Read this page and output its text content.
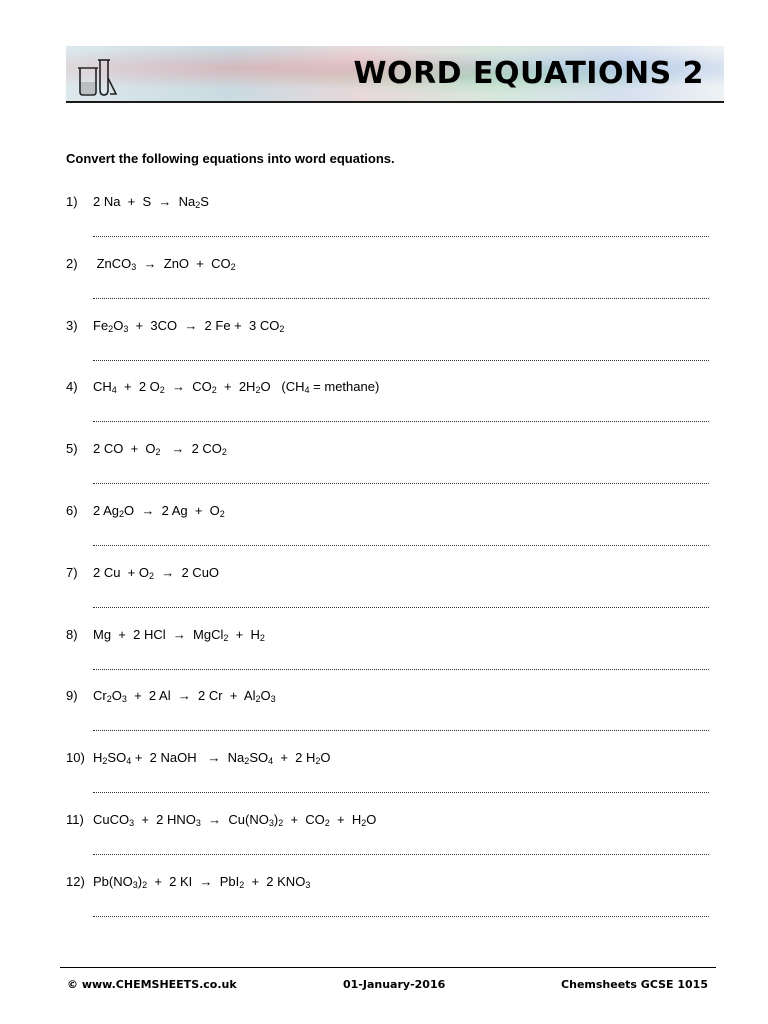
WORD EQUATIONS 2
Convert the following equations into word equations.
1) 2 $Na + S \to Na_2S$
2) ZnCO$_3$  →  ZnO  +  $CO_2$
3) $Fe_2O_3 + 3CO \to 2$ Fe +  3 $CO_2$
4) $CH_4 + 2$ $O_2 \to CO_2 + 2H_2O$   ($CH_4$ = methane)
5) 2 CO  +  $O_2 \to 2$ $CO_2$
6) 2 $Ag_2O \to 2$ $Ag + O_2$
7) 2 $Cu + O_2 \to 2$ CuO
8) Mg  +  2 HCl  →  MgCl$_2$  +  $H_2$
9) $Cr_2O_3 + 2$ Al  →  2 $Cr + Al_2O_3$
10) $H_2SO_4 + 2$ NaOH   →  $Na_2SO_4 + 2$ $H_2O$
11) CuCO$_3$  +  2 $HNO_3 \to Cu(NO_3)_2 + CO_2 + H_2O$
12) $Pb(NO_3)_2 + 2$ KI  →  PbI$_2$  +  2 $KNO_3$
© www.CHEMSHEETS.co.uk	01-January-2016	Chemsheets GCSE 1015
